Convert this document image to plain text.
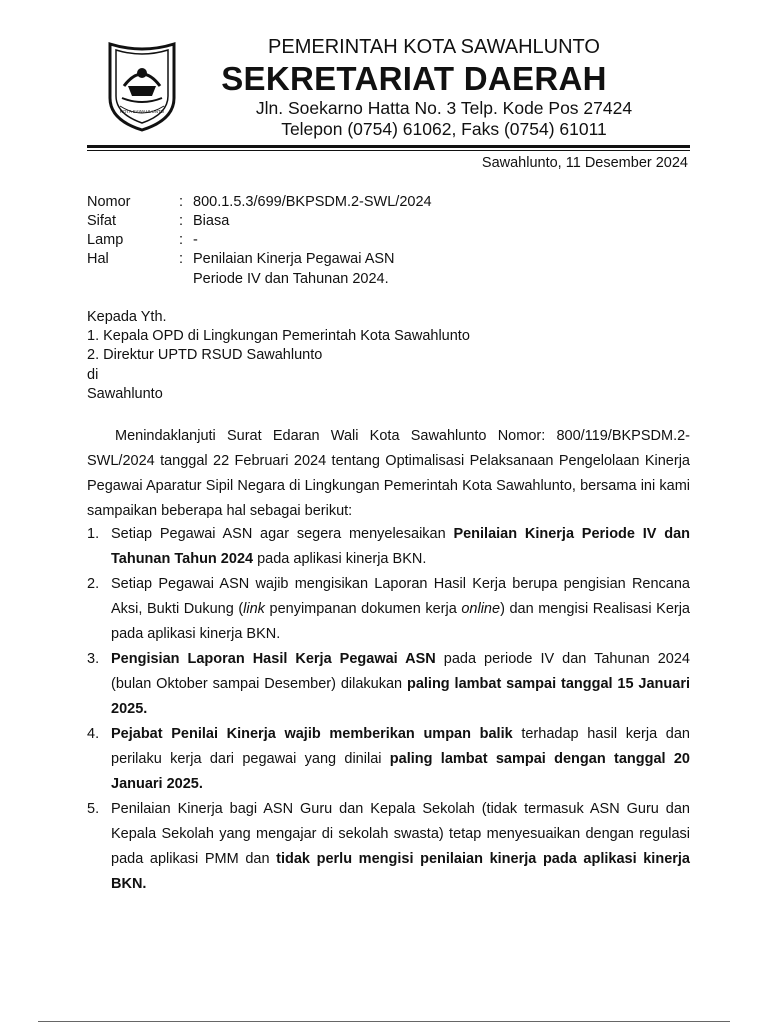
KOTA SAWAHLUNTO
PEMERINTAH KOTA SAWAHLUNTO
SEKRETARIAT DAERAH
Jln. Soekarno Hatta No. 3 Telp. Kode Pos 27424
Telepon (0754) 61062, Faks (0754) 61011
Sawahlunto, 11 Desember 2024
Nomor	: 800.1.5.3/699/BKPSDM.2-SWL/2024
Sifat	: Biasa
Lamp	: -
Hal	: Penilaian Kinerja Pegawai ASN
Periode IV dan Tahunan 2024.
Kepada Yth.
1. Kepala OPD di Lingkungan Pemerintah Kota Sawahlunto
2. Direktur UPTD RSUD Sawahlunto
di
Sawahlunto
Menindaklanjuti Surat Edaran Wali Kota Sawahlunto Nomor: 800/119/BKPSDM.2-SWL/2024 tanggal 22 Februari 2024 tentang Optimalisasi Pelaksanaan Pengelolaan Kinerja Pegawai Aparatur Sipil Negara di Lingkungan Pemerintah Kota Sawahlunto, bersama ini kami sampaikan beberapa hal sebagai berikut:
1. Setiap Pegawai ASN agar segera menyelesaikan Penilaian Kinerja Periode IV dan Tahunan Tahun 2024 pada aplikasi kinerja BKN.
2. Setiap Pegawai ASN wajib mengisikan Laporan Hasil Kerja berupa pengisian Rencana Aksi, Bukti Dukung (link penyimpanan dokumen kerja online) dan mengisi Realisasi Kerja pada aplikasi kinerja BKN.
3. Pengisian Laporan Hasil Kerja Pegawai ASN pada periode IV dan Tahunan 2024 (bulan Oktober sampai Desember) dilakukan paling lambat sampai tanggal 15 Januari 2025.
4. Pejabat Penilai Kinerja wajib memberikan umpan balik terhadap hasil kerja dan perilaku kerja dari pegawai yang dinilai paling lambat sampai dengan tanggal 20 Januari 2025.
5. Penilaian Kinerja bagi ASN Guru dan Kepala Sekolah (tidak termasuk ASN Guru dan Kepala Sekolah yang mengajar di sekolah swasta) tetap menyesuaikan dengan regulasi pada aplikasi PMM dan tidak perlu mengisi penilaian kinerja pada aplikasi kinerja BKN.
